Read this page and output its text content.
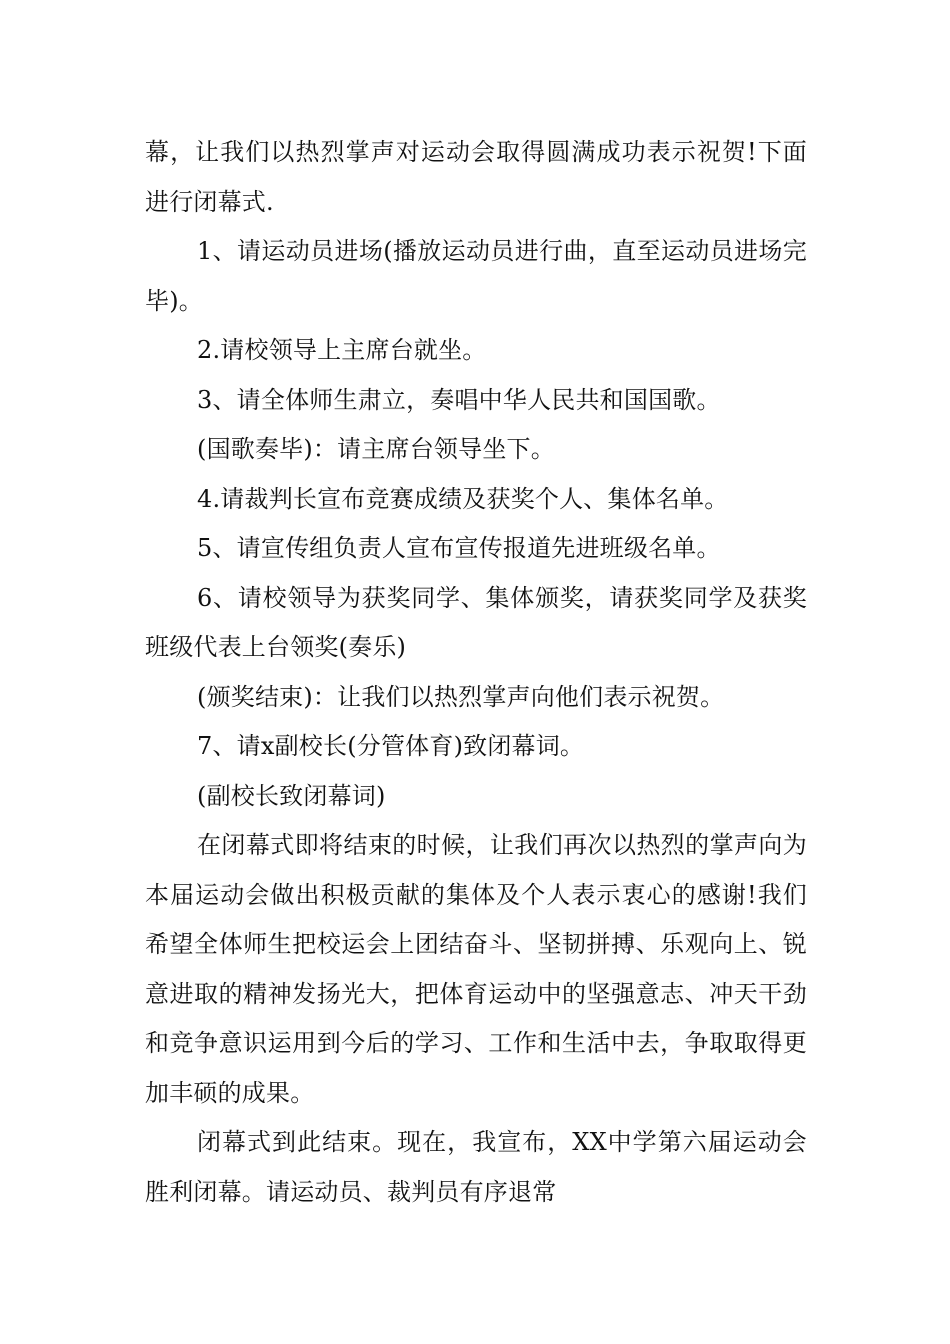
幕，让我们以热烈掌声对运动会取得圆满成功表示祝贺!下面进行闭幕式.

1、请运动员进场(播放运动员进行曲，直至运动员进场完毕)。

2.请校领导上主席台就坐。

3、请全体师生肃立，奏唱中华人民共和国国歌。

(国歌奏毕)：请主席台领导坐下。

4.请裁判长宣布竞赛成绩及获奖个人、集体名单。

5、请宣传组负责人宣布宣传报道先进班级名单。

6、请校领导为获奖同学、集体颁奖，请获奖同学及获奖班级代表上台领奖(奏乐)

(颁奖结束)：让我们以热烈掌声向他们表示祝贺。

7、请x副校长(分管体育)致闭幕词。

(副校长致闭幕词)

在闭幕式即将结束的时候，让我们再次以热烈的掌声向为本届运动会做出积极贡献的集体及个人表示衷心的感谢!我们希望全体师生把校运会上团结奋斗、坚韧拼搏、乐观向上、锐意进取的精神发扬光大，把体育运动中的坚强意志、冲天干劲和竞争意识运用到今后的学习、工作和生活中去，争取取得更加丰硕的成果。

闭幕式到此结束。现在，我宣布，XX中学第六届运动会胜利闭幕。请运动员、裁判员有序退常
